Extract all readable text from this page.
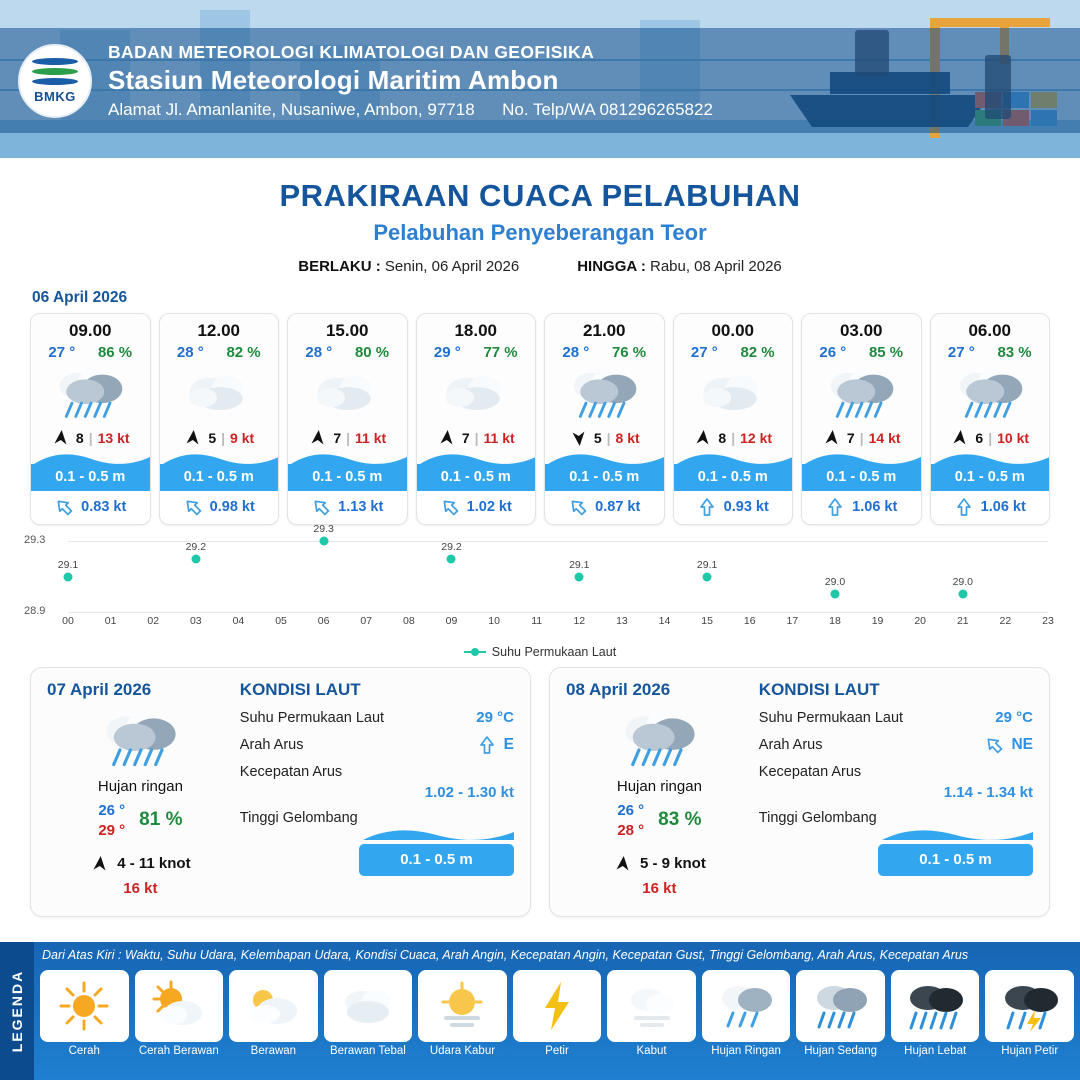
BMKG
BADAN METEOROLOGI KLIMATOLOGI DAN GEOFISIKA
Stasiun Meteorologi Maritim Ambon
Alamat Jl. Amanlanite, Nusaniwe, Ambon, 97718 No. Telp/WA 081296265822
PRAKIRAAN CUACA PELABUHAN
Pelabuhan Penyeberangan Teor
BERLAKU : Senin, 06 April 2026	HINGGA : Rabu, 08 April 2026
06 April 2026
09.00
27 ° 86 %
8 | 13 kt
0.1 - 0.5 m
0.83 kt
12.00
28 ° 82 %
5 | 9 kt
0.1 - 0.5 m
0.98 kt
15.00
28 ° 80 %
7 | 11 kt
0.1 - 0.5 m
1.13 kt
18.00
29 ° 77 %
7 | 11 kt
0.1 - 0.5 m
1.02 kt
21.00
28 ° 76 %
5 | 8 kt
0.1 - 0.5 m
0.87 kt
00.00
27 ° 82 %
8 | 12 kt
0.1 - 0.5 m
0.93 kt
03.00
26 ° 85 %
7 | 14 kt
0.1 - 0.5 m
1.06 kt
06.00
27 ° 83 %
6 | 10 kt
0.1 - 0.5 m
1.06 kt
29.3
28.9
29.1
29.2
29.3
29.2
29.1	29.1
29.0	29.0
00	01	02	03	04	05	06	07	08	09	10	11	12	13	14	15	16	17	18	19	20	21	22	23
Suhu Permukaan Laut
07 April 2026
Hujan ringan
26 °
29 °
81 %
4 - 11 knot
16 kt
KONDISI LAUT
Suhu Permukaan Laut	29 °C
Arah Arus	E
Kecepatan Arus
1.02 - 1.30 kt
Tinggi Gelombang
0.1 - 0.5 m
08 April 2026
Hujan ringan
26 °
28 °
83 %
5 - 9 knot
16 kt
KONDISI LAUT
Suhu Permukaan Laut	29 °C
Arah Arus	NE
Kecepatan Arus
1.14 - 1.34 kt
Tinggi Gelombang
0.1 - 0.5 m
LEGENDA
Dari Atas Kiri : Waktu, Suhu Udara, Kelembapan Udara, Kondisi Cuaca, Arah Angin, Kecepatan Angin, Kecepatan Gust, Tinggi Gelombang, Arah Arus, Kecepatan Arus
Cerah	Cerah Berawan	Berawan	Berawan Tebal	Udara Kabur	Petir	Kabut	Hujan Ringan	Hujan Sedang	Hujan Lebat	Hujan Petir
